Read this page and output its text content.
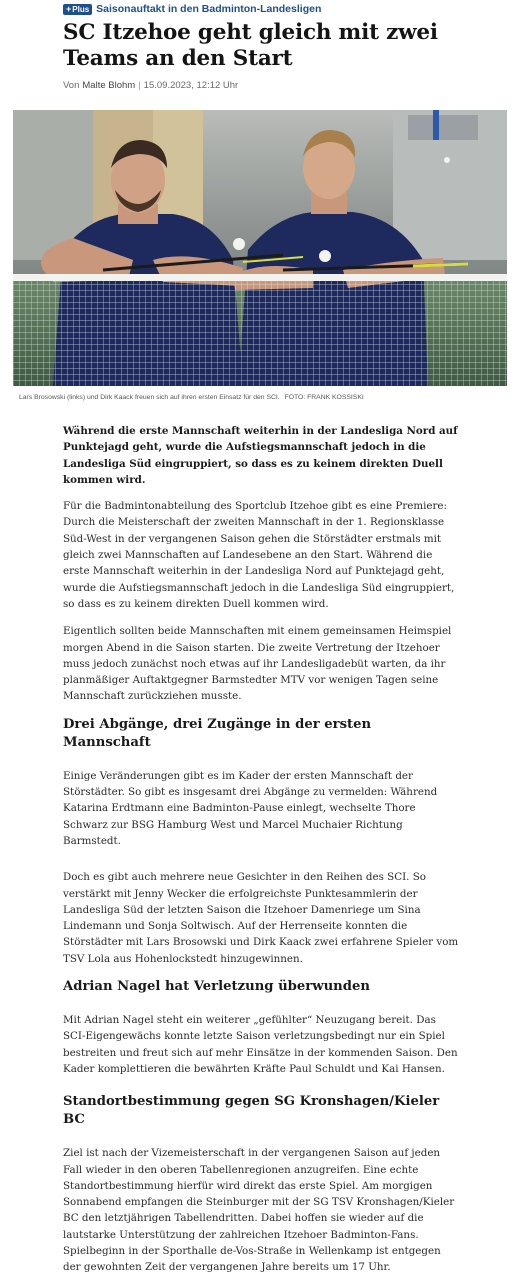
+ Plus Saisonauftakt in den Badminton-Landesligen
SC Itzehoe geht gleich mit zwei Teams an den Start
Von Malte Blohm | 15.09.2023, 12:12 Uhr
Lars Brosowski (links) und Dirk Kaack freuen sich auf ihren ersten Einsatz für den SCI. FOTO: FRANK KOSSISKI

Während die erste Mannschaft weiterhin in der Landesliga Nord auf Punktejagd geht, wurde die Aufstiegsmannschaft jedoch in die Landesliga Süd eingruppiert, so dass es zu keinem direkten Duell kommen wird.

Für die Badmintonabteilung des Sportclub Itzehoe gibt es eine Premiere: Durch die Meisterschaft der zweiten Mannschaft in der 1. Regionsklasse Süd-West in der vergangenen Saison gehen die Störstädter erstmals mit gleich zwei Mannschaften auf Landesebene an den Start. Während die erste Mannschaft weiterhin in der Landesliga Nord auf Punktejagd geht, wurde die Aufstiegsmannschaft jedoch in die Landesliga Süd eingruppiert, so dass es zu keinem direkten Duell kommen wird.

Eigentlich sollten beide Mannschaften mit einem gemeinsamen Heimspiel morgen Abend in die Saison starten. Die zweite Vertretung der Itzehoer muss jedoch zunächst noch etwas auf ihr Landesligadebüt warten, da ihr planmäßiger Auftaktgegner Barmstedter MTV vor wenigen Tagen seine Mannschaft zurückziehen musste.

Drei Abgänge, drei Zugänge in der ersten Mannschaft

Einige Veränderungen gibt es im Kader der ersten Mannschaft der Störstädter. So gibt es insgesamt drei Abgänge zu vermelden: Während Katarina Erdtmann eine Badminton-Pause einlegt, wechselte Thore Schwarz zur BSG Hamburg West und Marcel Muchaier Richtung Barmstedt.

Doch es gibt auch mehrere neue Gesichter in den Reihen des SCI. So verstärkt mit Jenny Wecker die erfolgreichste Punktesammlerin der Landesliga Süd der letzten Saison die Itzehoer Damenriege um Sina Lindemann und Sonja Soltwisch. Auf der Herrenseite konnten die Störstädter mit Lars Brosowski und Dirk Kaack zwei erfahrene Spieler vom TSV Lola aus Hohenlockstedt hinzugewinnen.

Adrian Nagel hat Verletzung überwunden

Mit Adrian Nagel steht ein weiterer „gefühlter“ Neuzugang bereit. Das SCI-Eigengewächs konnte letzte Saison verletzungsbedingt nur ein Spiel bestreiten und freut sich auf mehr Einsätze in der kommenden Saison. Den Kader komplettieren die bewährten Kräfte Paul Schuldt und Kai Hansen.

Standortbestimmung gegen SG Kronshagen/Kieler BC

Ziel ist nach der Vizemeisterschaft in der vergangenen Saison auf jeden Fall wieder in den oberen Tabellenregionen anzugreifen. Eine echte Standortbestimmung hierfür wird direkt das erste Spiel. Am morgigen Sonnabend empfangen die Steinburger mit der SG TSV Kronshagen/Kieler BC den letztjährigen Tabellendritten. Dabei hoffen sie wieder auf die lautstarke Unterstützung der zahlreichen Itzehoer Badminton-Fans. Spielbeginn in der Sporthalle de-Vos-Straße in Wellenkamp ist entgegen der gewohnten Zeit der vergangenen Jahre bereits um 17 Uhr.
